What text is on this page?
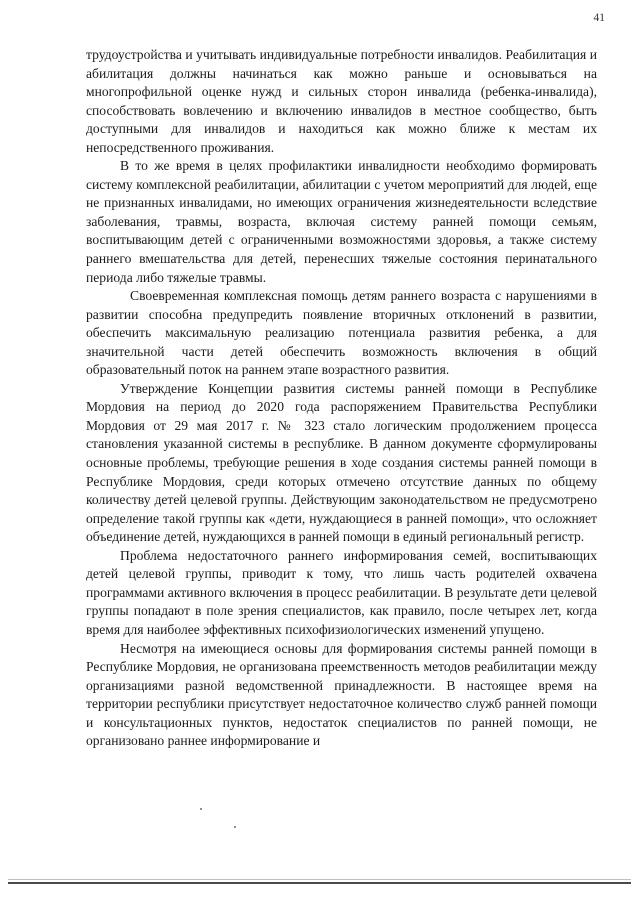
41

трудоустройства и учитывать индивидуальные потребности инвалидов. Реабилитация и абилитация должны начинаться как можно раньше и основываться на многопрофильной оценке нужд и сильных сторон инвалида (ребенка-инвалида), способствовать вовлечению и включению инвалидов в местное сообщество, быть доступными для инвалидов и находиться как можно ближе к местам их непосредственного проживания.

В то же время в целях профилактики инвалидности необходимо формировать систему комплексной реабилитации, абилитации с учетом мероприятий для людей, еще не признанных инвалидами, но имеющих ограничения жизнедеятельности вследствие заболевания, травмы, возраста, включая систему ранней помощи семьям, воспитывающим детей с ограниченными возможностями здоровья, а также систему раннего вмешательства для детей, перенесших тяжелые состояния перинатального периода либо тяжелые травмы.

Своевременная комплексная помощь детям раннего возраста с нарушениями в развитии способна предупредить появление вторичных отклонений в развитии, обеспечить максимальную реализацию потенциала развития ребенка, а для значительной части детей обеспечить возможность включения в общий образовательный поток на раннем этапе возрастного развития.

Утверждение Концепции развития системы ранней помощи в Республике Мордовия на период до 2020 года распоряжением Правительства Республики Мордовия от 29 мая 2017 г. № 323 стало логическим продолжением процесса становления указанной системы в республике. В данном документе сформулированы основные проблемы, требующие решения в ходе создания системы ранней помощи в Республике Мордовия, среди которых отмечено отсутствие данных по общему количеству детей целевой группы. Действующим законодательством не предусмотрено определение такой группы как «дети, нуждающиеся в ранней помощи», что осложняет объединение детей, нуждающихся в ранней помощи в единый региональный регистр.

Проблема недостаточного раннего информирования семей, воспитывающих детей целевой группы, приводит к тому, что лишь часть родителей охвачена программами активного включения в процесс реабилитации. В результате дети целевой группы попадают в поле зрения специалистов, как правило, после четырех лет, когда время для наиболее эффективных психофизиологических изменений упущено.

Несмотря на имеющиеся основы для формирования системы ранней помощи в Республике Мордовия, не организована преемственность методов реабилитации между организациями разной ведомственной принадлежности. В настоящее время на территории республики присутствует недостаточное количество служб ранней помощи и консультационных пунктов, недостаток специалистов по ранней помощи, не организовано раннее информирование и
